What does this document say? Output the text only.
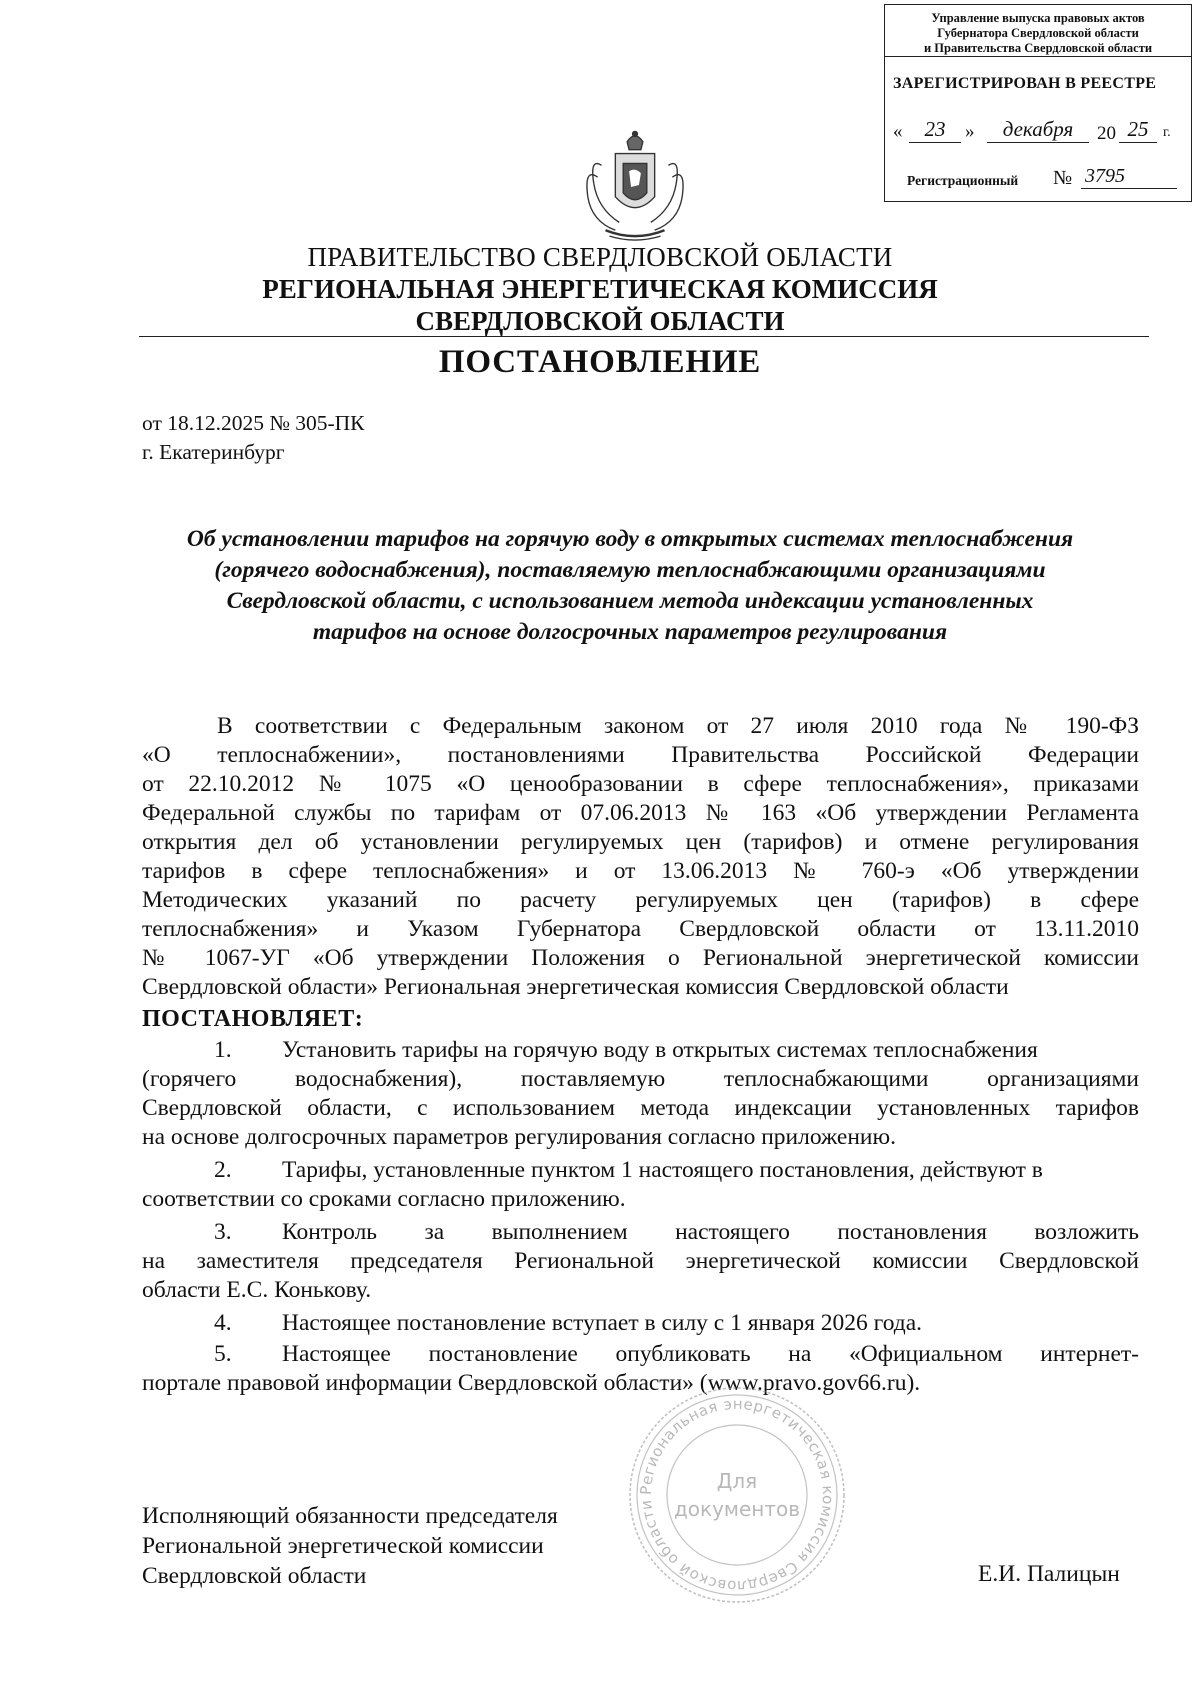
Управление выпуска правовых актов
Губернатора Свердловской области
и Правительства Свердловской области
ЗАРЕГИСТРИРОВАН В РЕЕСТРЕ
«	23	»	декабря	20 25	г.
Регистрационный № 3795
ПРАВИТЕЛЬСТВО СВЕРДЛОВСКОЙ ОБЛАСТИ
РЕГИОНАЛЬНАЯ ЭНЕРГЕТИЧЕСКАЯ КОМИССИЯ
СВЕРДЛОВСКОЙ ОБЛАСТИ
ПОСТАНОВЛЕНИЕ
от 18.12.2025 № 305-ПК
г. Екатеринбург
Об установлении тарифов на горячую воду в открытых системах теплоснабжения
(горячего водоснабжения), поставляемую теплоснабжающими организациями
Свердловской области, с использованием метода индексации установленных
тарифов на основе долгосрочных параметров регулирования
В соответствии с Федеральным законом от 27 июля 2010 года № 190-ФЗ
«О теплоснабжении», постановлениями Правительства Российской Федерации
от 22.10.2012 № 1075 «О ценообразовании в сфере теплоснабжения», приказами
Федеральной службы по тарифам от 07.06.2013 № 163 «Об утверждении Регламента
открытия дел об установлении регулируемых цен (тарифов) и отмене регулирования
тарифов в сфере теплоснабжения» и от 13.06.2013 № 760-э «Об утверждении
Методических указаний по расчету регулируемых цен (тарифов) в сфере
теплоснабжения» и Указом Губернатора Свердловской области от 13.11.2010
№ 1067-УГ «Об утверждении Положения о Региональной энергетической комиссии
Свердловской области» Региональная энергетическая комиссия Свердловской области
ПОСТАНОВЛЯЕТ:
1. Установить тарифы на горячую воду в открытых системах теплоснабжения
(горячего водоснабжения), поставляемую теплоснабжающими организациями
Свердловской области, с использованием метода индексации установленных тарифов
на основе долгосрочных параметров регулирования согласно приложению.
2. Тарифы, установленные пунктом 1 настоящего постановления, действуют в
соответствии со сроками согласно приложению.
3. Контроль за выполнением настоящего постановления возложить
на заместителя председателя Региональной энергетической комиссии Свердловской
области Е.С. Конькову.
4. Настоящее постановление вступает в силу с 1 января 2026 года.
5. Настоящее постановление опубликовать на «Официальном интернет-
портале правовой информации Свердловской области» (www.pravo.gov66.ru).
Региональная энергетическая комиссия Свердловской области
Для
документов
Исполняющий обязанности председателя
Региональной энергетической комиссии
Свердловской области	Е.И. Палицын
